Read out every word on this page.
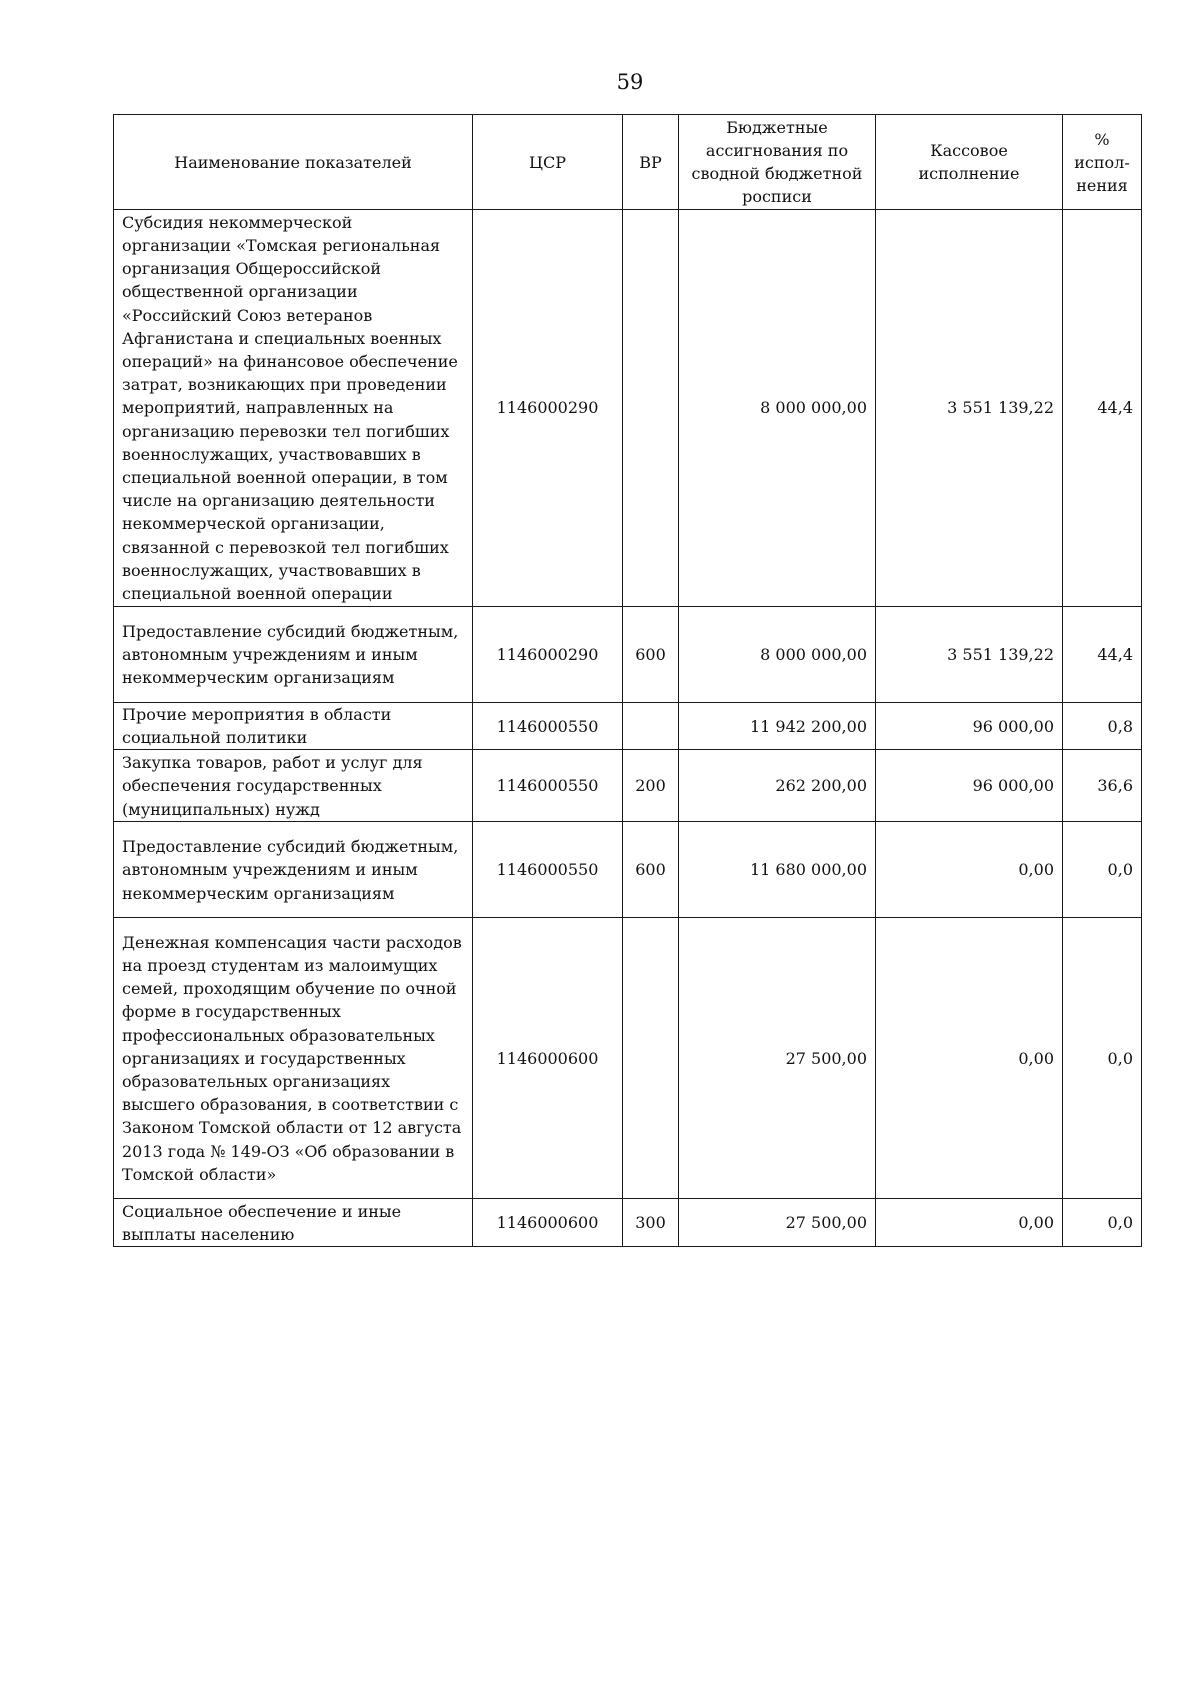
59
Наименование показателей	ЦСР	ВР	Бюджетные ассигнования по сводной бюджетной росписи	Кассовое исполнение	% испол-нения
Субсидия некоммерческой организации «Томская региональная организация Общероссийской общественной организации «Российский Союз ветеранов Афганистана и специальных военных операций» на финансовое обеспечение затрат, возникающих при проведении мероприятий, направленных на организацию перевозки тел погибших военнослужащих, участвовавших в специальной военной операции, в том числе на организацию деятельности некоммерческой организации, связанной с перевозкой тел погибших военнослужащих, участвовавших в специальной военной операции	1146000290		8 000 000,00	3 551 139,22	44,4
Предоставление субсидий бюджетным, автономным учреждениям и иным некоммерческим организациям	1146000290	600	8 000 000,00	3 551 139,22	44,4
Прочие мероприятия в области социальной политики	1146000550		11 942 200,00	96 000,00	0,8
Закупка товаров, работ и услуг для обеспечения государственных (муниципальных) нужд	1146000550	200	262 200,00	96 000,00	36,6
Предоставление субсидий бюджетным, автономным учреждениям и иным некоммерческим организациям	1146000550	600	11 680 000,00	0,00	0,0
Денежная компенсация части расходов на проезд студентам из малоимущих семей, проходящим обучение по очной форме в государственных профессиональных образовательных организациях и государственных образовательных организациях высшего образования, в соответствии с Законом Томской области от 12 августа 2013 года № 149-ОЗ «Об образовании в Томской области»	1146000600		27 500,00	0,00	0,0
Социальное обеспечение и иные выплаты населению	1146000600	300	27 500,00	0,00	0,0
